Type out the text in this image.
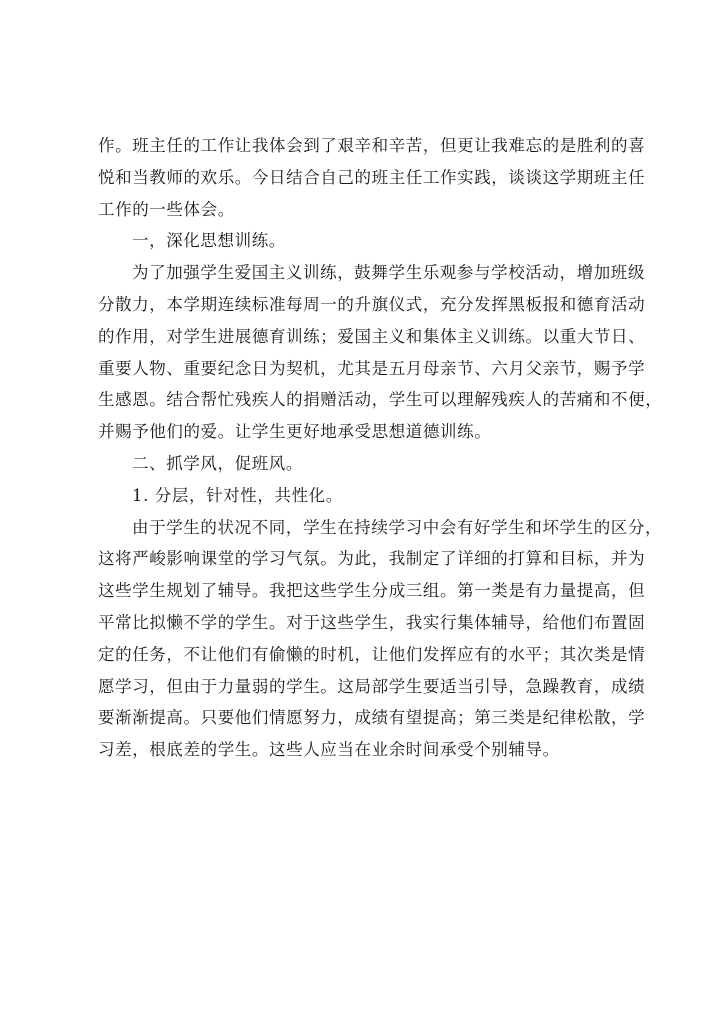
作。班主任的工作让我体会到了艰辛和辛苦，但更让我难忘的是胜利的喜
悦和当教师的欢乐。今日结合自己的班主任工作实践，谈谈这学期班主任
工作的一些体会。
一，深化思想训练。
为了加强学生爱国主义训练，鼓舞学生乐观参与学校活动，增加班级
分散力，本学期连续标准每周一的升旗仪式，充分发挥黑板报和德育活动
的作用，对学生进展德育训练；爱国主义和集体主义训练。以重大节日、
重要人物、重要纪念日为契机，尤其是五月母亲节、六月父亲节，赐予学
生感恩。结合帮忙残疾人的捐赠活动，学生可以理解残疾人的苦痛和不便，
并赐予他们的爱。让学生更好地承受思想道德训练。
二、抓学风，促班风。
1. 分层，针对性，共性化。
由于学生的状况不同，学生在持续学习中会有好学生和坏学生的区分，
这将严峻影响课堂的学习气氛。为此，我制定了详细的打算和目标，并为
这些学生规划了辅导。我把这些学生分成三组。第一类是有力量提高，但
平常比拟懒不学的学生。对于这些学生，我实行集体辅导，给他们布置固
定的任务，不让他们有偷懒的时机，让他们发挥应有的水平；其次类是情
愿学习，但由于力量弱的学生。这局部学生要适当引导，急躁教育，成绩
要渐渐提高。只要他们情愿努力，成绩有望提高；第三类是纪律松散，学
习差，根底差的学生。这些人应当在业余时间承受个别辅导。
